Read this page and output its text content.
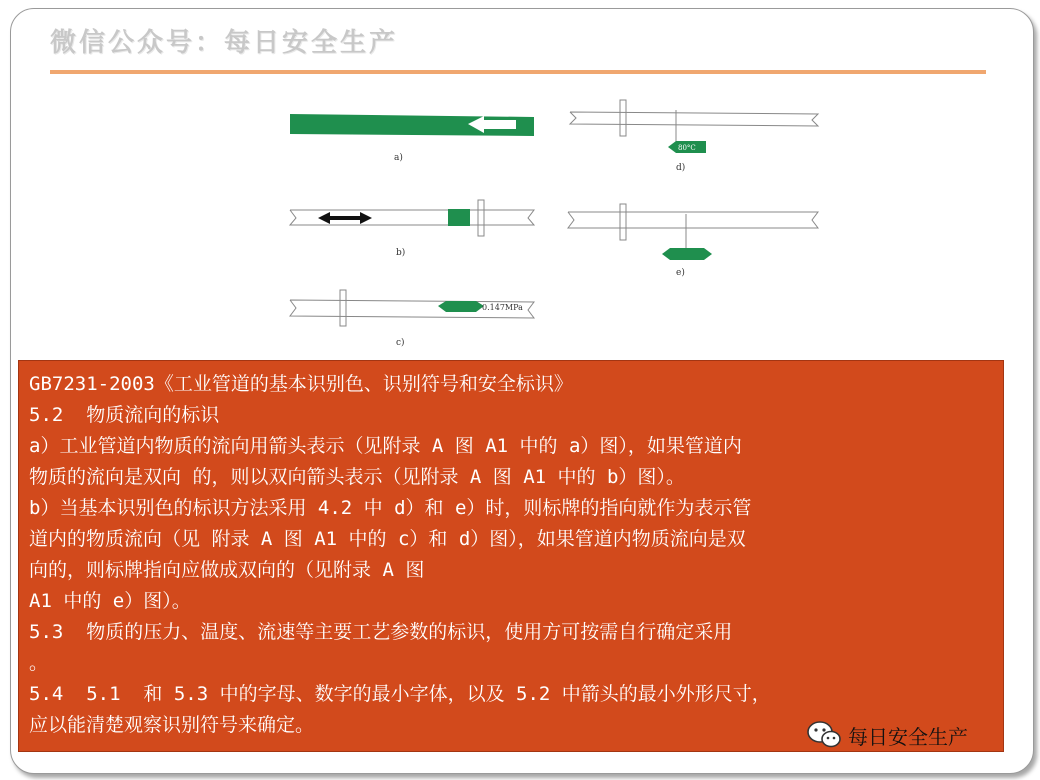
微信公众号：每日安全生产
a)
80°C
d)
b)
e)
0.147MPa
c)

GB7231-2003《工业管道的基本识别色、识别符号和安全标识》

5.2  物质流向的标识

a）工业管道内物质的流向用箭头表示（见附录 A 图 A1 中的 a）图），如果管道内

物质的流向是双向 的，则以双向箭头表示（见附录 A 图 A1 中的 b）图）。

b）当基本识别色的标识方法采用 4.2 中 d）和 e）时，则标牌的指向就作为表示管

道内的物质流向（见 附录 A 图 A1 中的 c）和 d）图），如果管道内物质流向是双

向的，则标牌指向应做成双向的（见附录 A 图

A1 中的 e）图）。

5.3  物质的压力、温度、流速等主要工艺参数的标识，使用方可按需自行确定采用

。

5.4  5.1  和 5.3 中的字母、数字的最小字体，以及 5.2 中箭头的最小外形尺寸，

应以能清楚观察识别符号来确定。	每日安全生产
